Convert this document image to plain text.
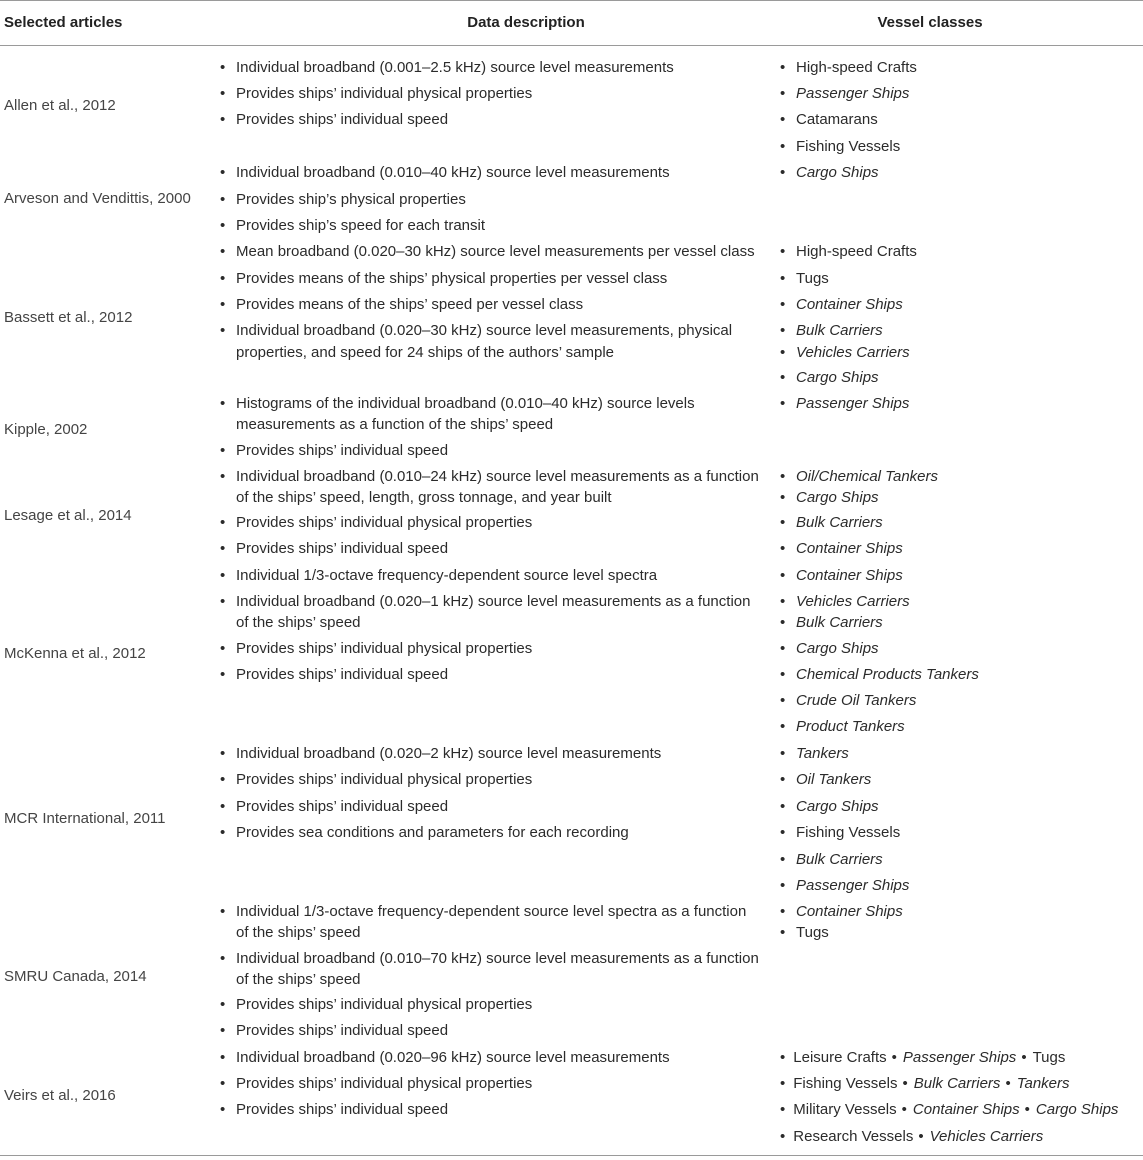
Selected articles	Data description	Vessel classes
Allen et al., 2012
• Individual broadband (0.001–2.5 kHz) source level measurements
• Provides ships’ individual physical properties
• Provides ships’ individual speed
• High-speed Crafts
• Passenger Ships
• Catamarans
• Fishing Vessels
Arveson and Vendittis, 2000
• Individual broadband (0.010–40 kHz) source level measurements
• Provides ship’s physical properties
• Provides ship’s speed for each transit
• Cargo Ships
Bassett et al., 2012
• Mean broadband (0.020–30 kHz) source level measurements per vessel class
• Provides means of the ships’ physical properties per vessel class
• Provides means of the ships’ speed per vessel class
• Individual broadband (0.020–30 kHz) source level measurements, physical
properties, and speed for 24 ships of the authors’ sample
• High-speed Crafts
• Tugs
• Container Ships
• Bulk Carriers
• Vehicles Carriers
• Cargo Ships
Kipple, 2002
• Histograms of the individual broadband (0.010–40 kHz) source levels
measurements as a function of the ships’ speed
• Provides ships’ individual speed
• Passenger Ships
Lesage et al., 2014
• Individual broadband (0.010–24 kHz) source level measurements as a function
of the ships’ speed, length, gross tonnage, and year built
• Provides ships’ individual physical properties
• Provides ships’ individual speed
• Individual 1/3-octave frequency-dependent source level spectra
• Oil/Chemical Tankers
• Cargo Ships
• Bulk Carriers
• Container Ships
• Container Ships
McKenna et al., 2012
• Individual broadband (0.020–1 kHz) source level measurements as a function
of the ships’ speed
• Provides ships’ individual physical properties
• Provides ships’ individual speed
• Vehicles Carriers
• Bulk Carriers
• Cargo Ships
• Chemical Products Tankers
• Crude Oil Tankers
• Product Tankers
MCR International, 2011
• Individual broadband (0.020–2 kHz) source level measurements
• Provides ships’ individual physical properties
• Provides ships’ individual speed
• Provides sea conditions and parameters for each recording
• Tankers
• Oil Tankers
• Cargo Ships
• Fishing Vessels
• Bulk Carriers
• Passenger Ships
SMRU Canada, 2014
• Individual 1/3-octave frequency-dependent source level spectra as a function
of the ships’ speed
• Individual broadband (0.010–70 kHz) source level measurements as a function
of the ships’ speed
• Provides ships’ individual physical properties
• Provides ships’ individual speed
• Container Ships
• Tugs
Veirs et al., 2016
• Individual broadband (0.020–96 kHz) source level measurements
• Provides ships’ individual physical properties
• Provides ships’ individual speed
• Leisure Crafts • Passenger Ships • Tugs
• Fishing Vessels • Bulk Carriers • Tankers
• Military Vessels • Container Ships • Cargo Ships
• Research Vessels • Vehicles Carriers
